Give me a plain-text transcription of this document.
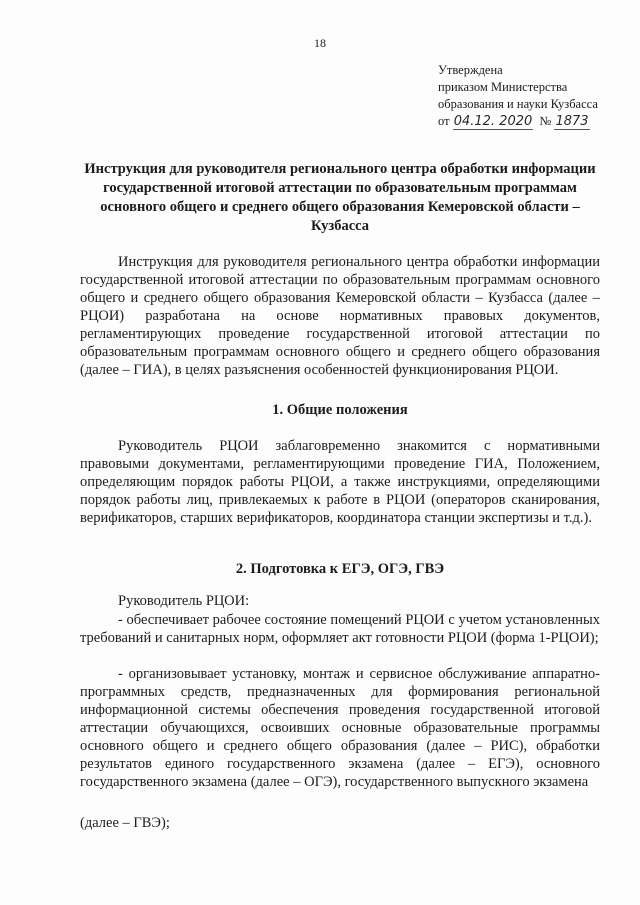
18
Утверждена
приказом Министерства
образования и науки Кузбасса
от 04.12. 2020 № 1873
Инструкция для руководителя регионального центра обработки информации государственной итоговой аттестации по образовательным программам основного общего и среднего общего образования Кемеровской области – Кузбасса

Инструкция для руководителя регионального центра обработки информации государственной итоговой аттестации по образовательным программам основного общего и среднего общего образования Кемеровской области – Кузбасса (далее – РЦОИ) разработана на основе нормативных правовых документов, регламентирующих проведение государственной итоговой аттестации по образовательным программам основного общего и среднего общего образования (далее – ГИА), в целях разъяснения особенностей функционирования РЦОИ.

1. Общие положения

Руководитель РЦОИ заблаговременно знакомится с нормативными правовыми документами, регламентирующими проведение ГИА, Положением, определяющим порядок работы РЦОИ, а также инструкциями, определяющими порядок работы лиц, привлекаемых к работе в РЦОИ (операторов сканирования, верификаторов, старших верификаторов, координатора станции экспертизы и т.д.).

2. Подготовка к ЕГЭ, ОГЭ, ГВЭ
Руководитель РЦОИ:

- обеспечивает рабочее состояние помещений РЦОИ с учетом установленных требований и санитарных норм, оформляет акт готовности РЦОИ (форма 1-РЦОИ);

- организовывает установку, монтаж и сервисное обслуживание аппаратно-программных средств, предназначенных для формирования региональной информационной системы обеспечения проведения государственной итоговой аттестации обучающихся, освоивших основные образовательные программы основного общего и среднего общего образования (далее – РИС), обработки результатов единого государственного экзамена (далее – ЕГЭ), основного государственного экзамена (далее – ОГЭ), государственного выпускного экзамена

(далее – ГВЭ);
